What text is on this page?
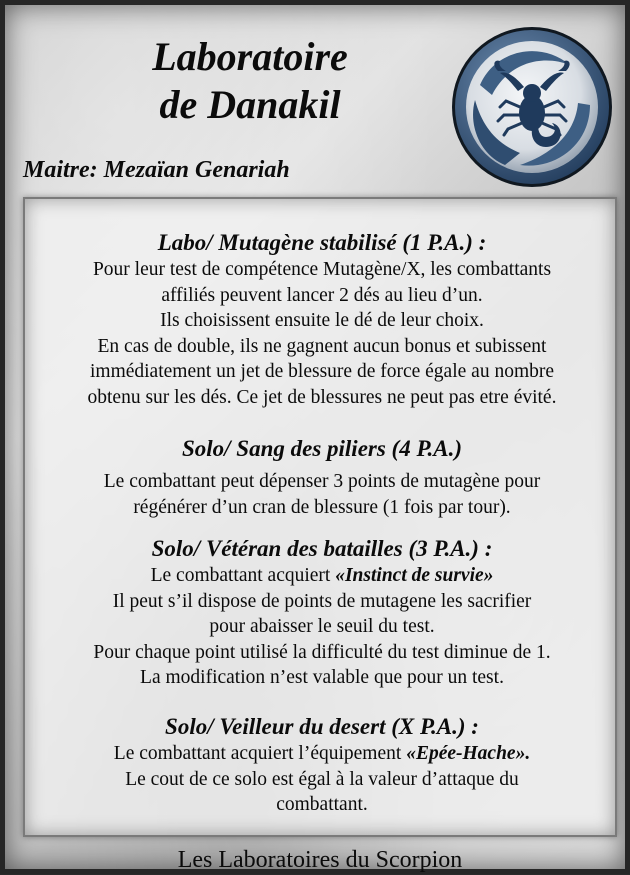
Laboratoire
de Danakil
Maitre: Mezaïan Genariah
Labo/ Mutagène stabilisé (1 P.A.) :

Pour leur test de compétence Mutagène/X, les combattants

affiliés peuvent lancer 2 dés au lieu d’un.

Ils choisissent ensuite le dé de leur choix.

En cas de double, ils ne gagnent aucun bonus et subissent

immédiatement un jet de blessure de force égale au nombre

obtenu sur les dés. Ce jet de blessures ne peut pas etre évité.

Solo/ Sang des piliers (4 P.A.)

Le combattant peut dépenser 3 points de mutagène pour

régénérer d’un cran de blessure (1 fois par tour).

Solo/ Vétéran des batailles (3 P.A.) :

Le combattant acquiert «Instinct de survie»

Il peut s’il dispose de points de mutagene les sacrifier

pour abaisser le seuil du test.

Pour chaque point utilisé la difficulté du test diminue de 1.

La modification n’est valable que pour un test.

Solo/ Veilleur du desert (X P.A.) :

Le combattant acquiert l’équipement «Epée-Hache».

Le cout de ce solo est égal à la valeur d’attaque du

combattant.

Les Laboratoires du Scorpion
